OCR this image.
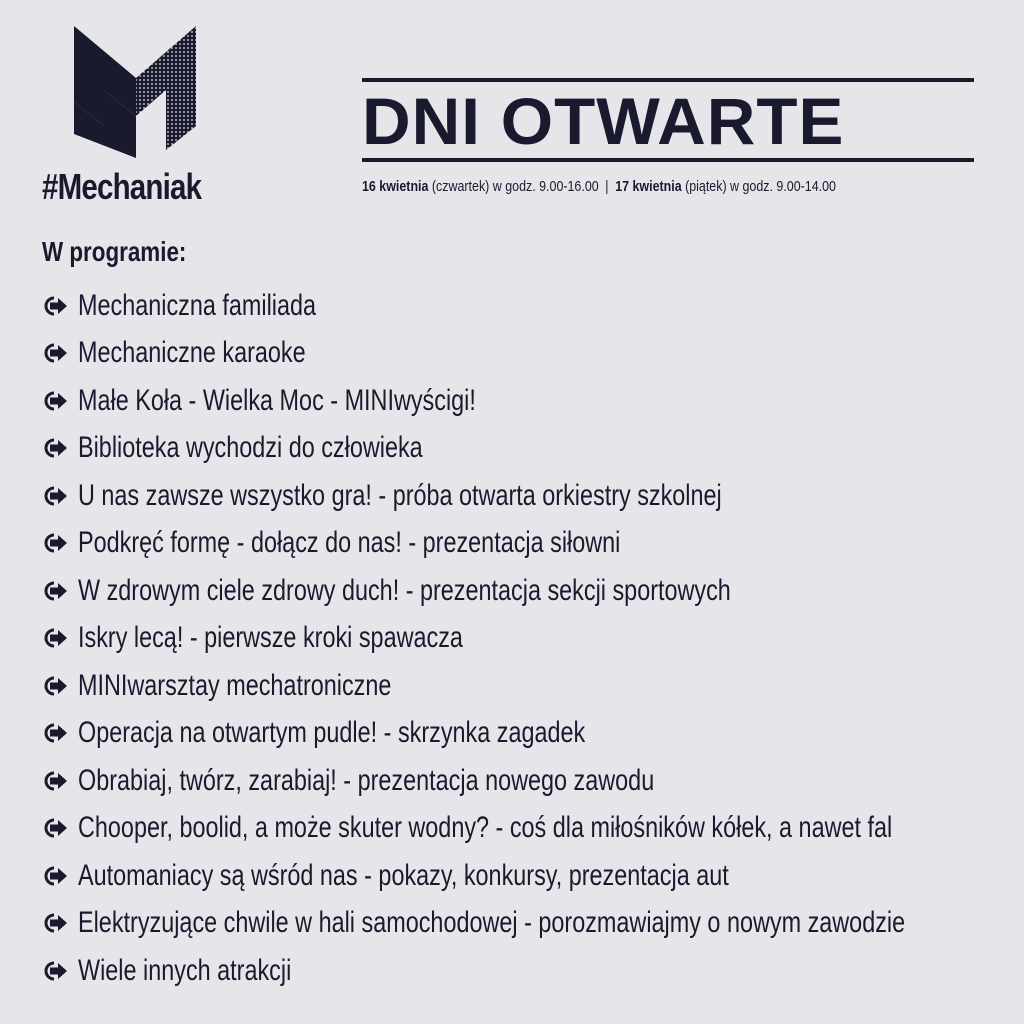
#Mechaniak
DNI OTWARTE
16 kwietnia (czwartek) w godz. 9.00-16.00 | 17 kwietnia (piątek) w godz. 9.00-14.00
W programie:
Mechaniczna familiada
Mechaniczne karaoke
Małe Koła - Wielka Moc - MINIwyścigi!
Biblioteka wychodzi do człowieka
U nas zawsze wszystko gra! - próba otwarta orkiestry szkolnej
Podkręć formę - dołącz do nas! - prezentacja siłowni
W zdrowym ciele zdrowy duch! - prezentacja sekcji sportowych
Iskry lecą! - pierwsze kroki spawacza
MINIwarsztay mechatroniczne
Operacja na otwartym pudle! - skrzynka zagadek
Obrabiaj, twórz, zarabiaj! - prezentacja nowego zawodu
Chooper, boolid, a może skuter wodny? - coś dla miłośników kółek, a nawet fal
Automaniacy są wśród nas - pokazy, konkursy, prezentacja aut
Elektryzujące chwile w hali samochodowej - porozmawiajmy o nowym zawodzie
Wiele innych atrakcji
